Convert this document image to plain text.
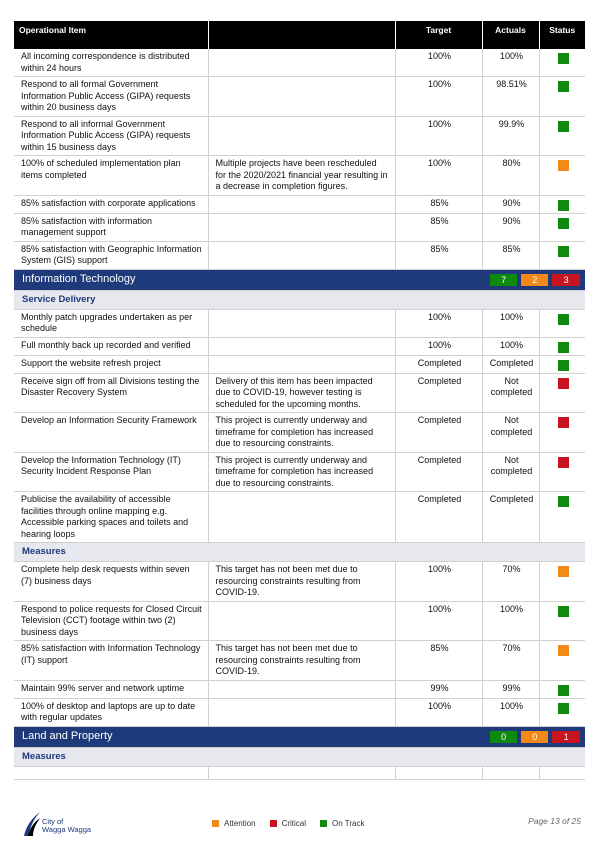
Operational Item		Target	Actuals	Status
All incoming correspondence is distributed within 24 hours		100%	100%	

Respond to all formal Government Information Public Access (GIPA) requests within 20 business days		100%	98.51%	

Respond to all informal Government Information Public Access (GIPA) requests within 15 business days		100%	99.9%	

100% of scheduled implementation plan items completed	Multiple projects have been rescheduled for the 2020/2021 financial year resulting in a decrease in completion figures.	100%	80%	

85% satisfaction with corporate applications		85%	90%	

85% satisfaction with information management support		85%	90%	

85% satisfaction with Geographic Information System (GIS) support		85%	85%	

Information Technology			7 2 3	

Service Delivery				
Monthly patch upgrades undertaken as per schedule		100%	100%	

Full monthly back up recorded and verified		100%	100%	

Support the website refresh project		Completed	Completed	

Receive sign off from all Divisions testing the Disaster Recovery System	Delivery of this item has been impacted due to COVID-19, however testing is scheduled for the upcoming months.	Completed	Not completed	

Develop an Information Security Framework	This project is currently underway and timeframe for completion has increased due to resourcing constraints.	Completed	Not completed	

Develop the Information Technology (IT) Security Incident Response Plan	This project is currently underway and timeframe for completion has increased due to resourcing constraints.	Completed	Not completed	

Publicise the availability of accessible facilities through online mapping e.g. Accessible parking spaces and toilets and hearing loops		Completed	Completed	

Measures				
Complete help desk requests within seven (7) business days	This target has not been met due to resourcing constraints resulting from COVID-19.	100%	70%	

Respond to police requests for Closed Circuit Television (CCT) footage within two (2) business days		100%	100%	

85% satisfaction with Information Technology (IT) support	This target has not been met due to resourcing constraints resulting from COVID-19.	85%	70%	

Maintain 99% server and network uptime		99%	99%	

100% of desktop and laptops are up to date with regular updates		100%	100%	

Land and Property			0 0 1	

Measures				

City of
Wagga Wagga
Attention	Critical	On Track	Page 13 of 25
